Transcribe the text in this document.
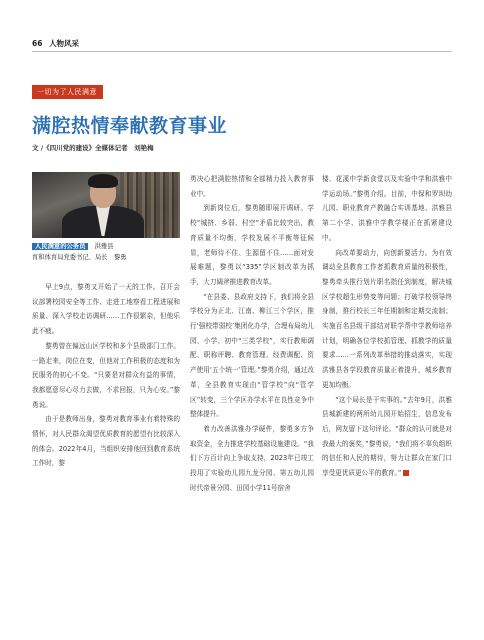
66 人物风采
一切为了人民满意
满腔热情奉献教育事业
文 /《四川党的建设》全媒体记者　刘艳梅
人民满意的公务员　洪雅县
育和体育局党委书记、局长　黎勇

早上9点，黎勇又开始了一天的工作。召开会议部署校园安全等工作、走进工地察看工程进展和质量、深入学校走访调研……工作很繁杂，但他乐此不疲。

黎勇曾在偏远山区学校和多个县级部门工作。一路走来，岗位在变，但他对工作积极的态度和为民服务的初心不变。“只要是对群众有益的事情，我都愿意尽心尽力去做，不求回报，只为心安。”黎勇说。

由于是教师出身，黎勇对教育事业有着特殊的情怀，对人民群众渴望优质教育的愿望有比较深入的体会。2022年4月，当组织安排他回到教育系统工作时，黎

勇决心把满腔热情和全部精力投入教育事业中。

到新岗位后，黎勇随即展开调研。学校“城挤、乡弱、村空”矛盾比较突出，教育质量不均衡，学校发展不平衡等征候显，老师待不住、生源留不住……面对发展难题，黎勇以“335”学区制改革为抓手，大刀阔斧推进教育改革。

“在县委、县政府支持下，我们将全县学校分为正北、江南、柳江三个学区，推行‘强校带弱校’集团化办学，合理布局幼儿园、小学、初中“三类学校”，实行教师调配、职称评聘、教育管理、经费调配、资产使用‘五个统一’管理。”黎勇介绍，通过改革，全县教育实现由“管学校”向“管学区”转变，三个学区办学水平在良性竞争中整体提升。

着力改善洪雅办学硬件，黎勇多方争取资金，全力推进学校基础设施建设。“我们下方百计向上争取支持，2023年已竣工投用了实验幼儿园九龙分园、第五幼儿园时代帝景分园、田园小学11号宿舍

楼、花溪中学新食堂以及实验中学和洪雅中学运动场。”黎勇介绍。目前，中保和罗坝幼儿园、职业教育产教融合实训基地、洪雅县第二小学、洪雅中学教学楼正在抓紧建设中。

向改革要动力，向创新要活力。为有效调动全县教育工作者抓教育质量的积极性，黎勇牵头推行划片职名指任到制度，解决城区学校超生形势变等问题；打破学校领导终身制，推行校长三年任期制和定期交流制；实施百名县级干部结对联学帮中学教师培养计划，明确各位学校抓管理、抓教学的质量要求……一系列改革举措的推动落实，实现洪雅县各学段教育质量正着提升，城乡教育更加均衡。

“这个局长是干实事的。”去年9月，洪雅县城新建的两所幼儿园开始招生，信息发布后，网友留下这句评论。“群众的认可就是对我最大的褒奖，”黎勇说，“我们将不辜负组织的信任和人民的期待，努力让群众在家门口享受更优质更公平的教育。”
